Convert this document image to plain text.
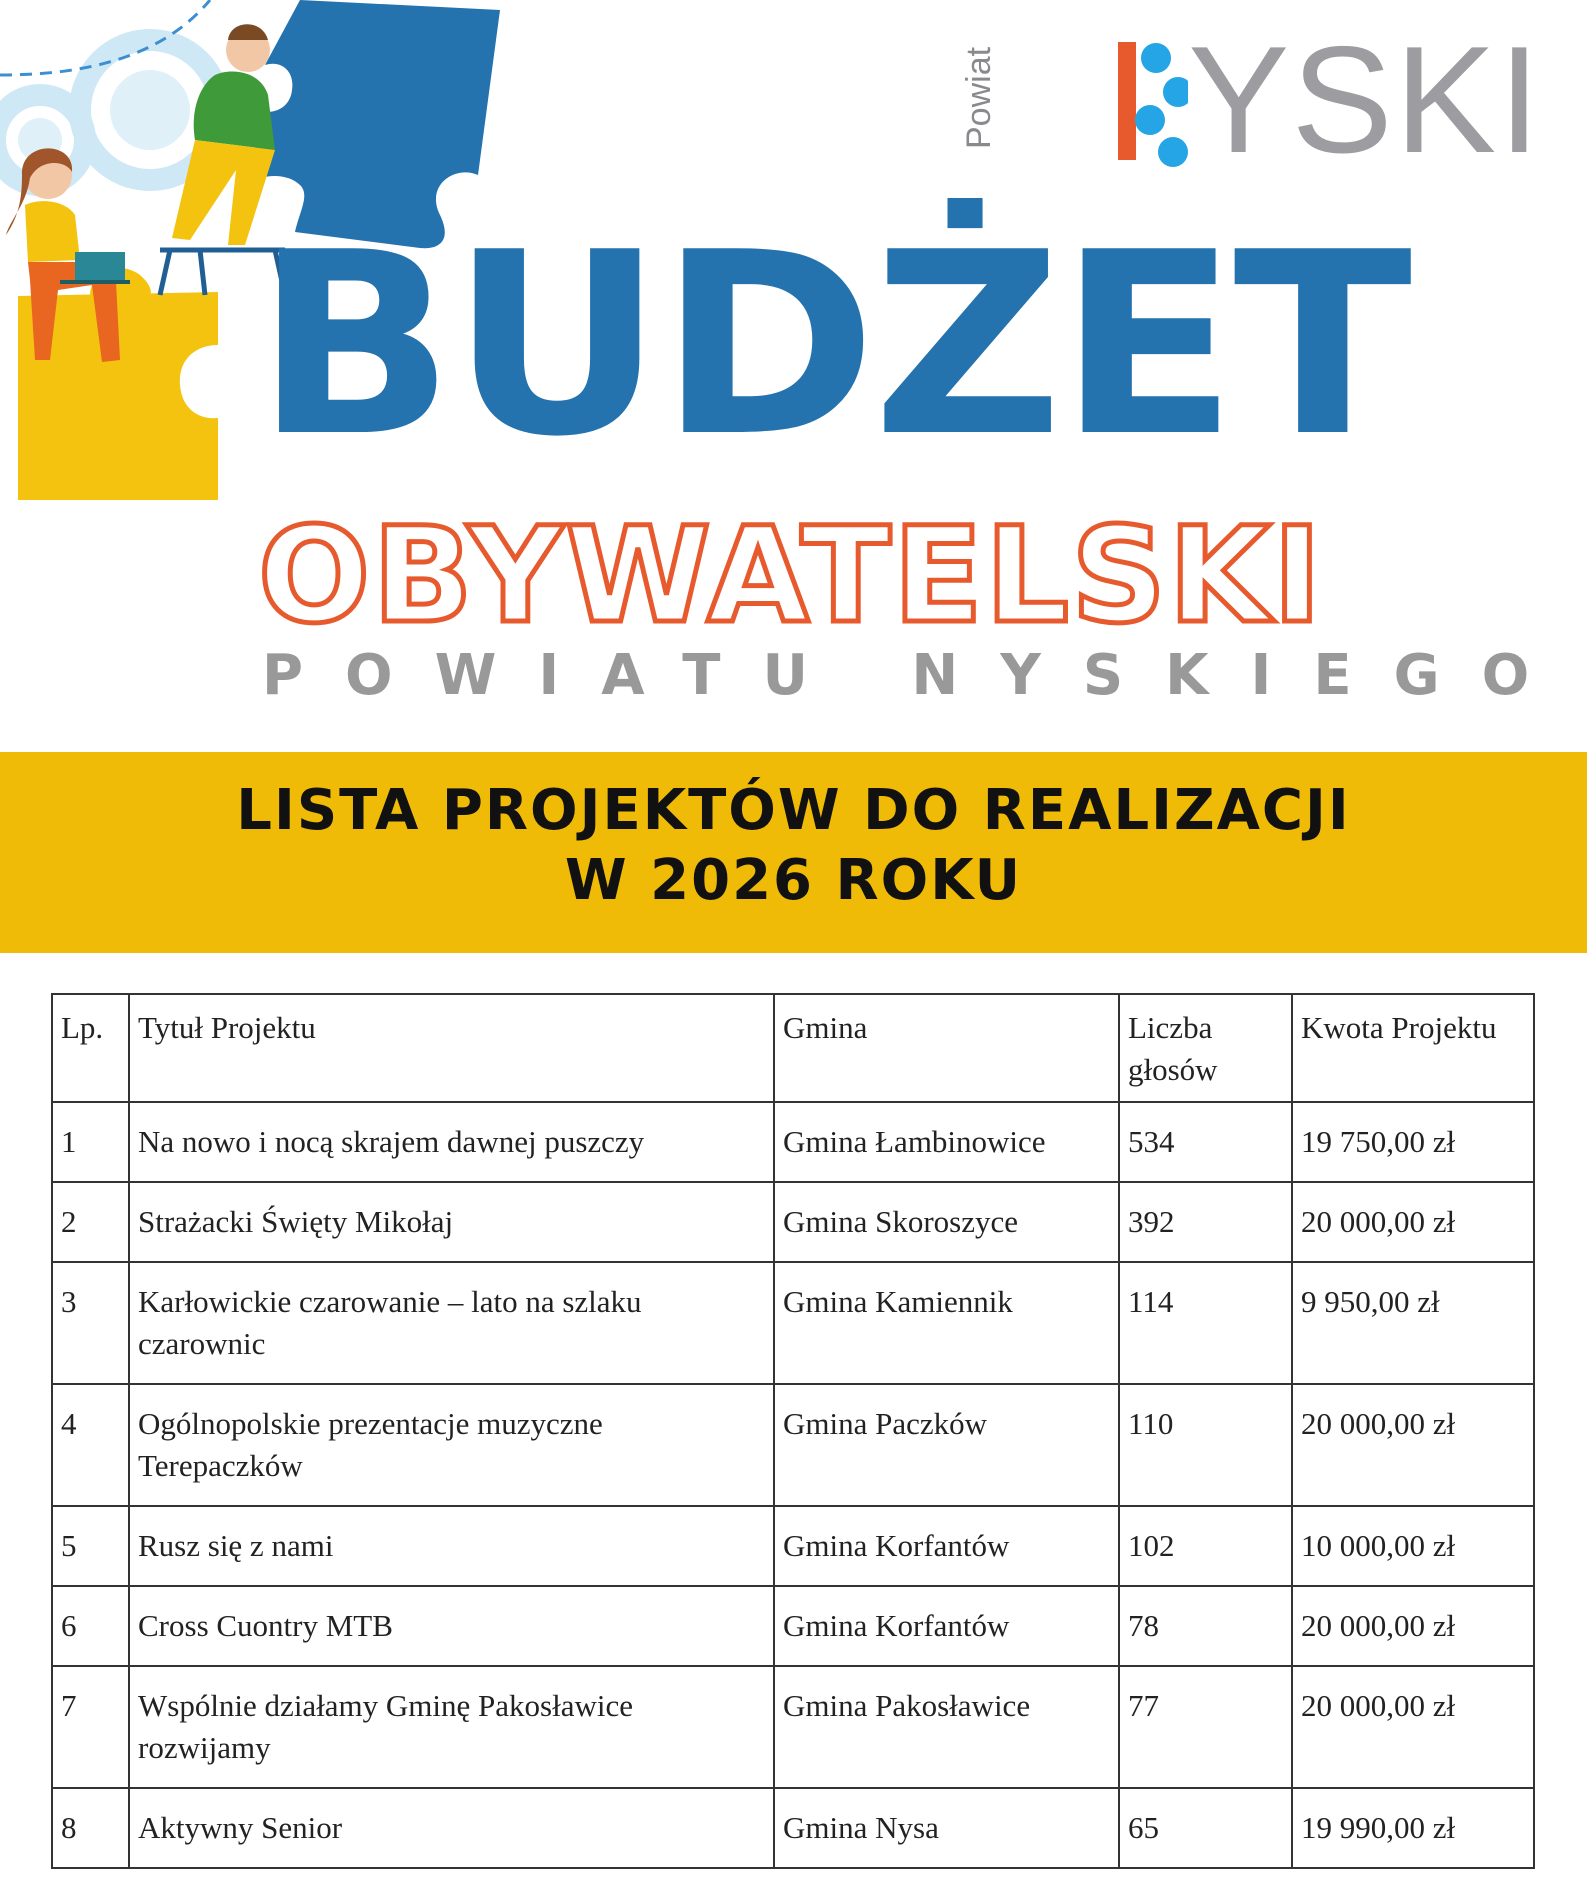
Powiat YSKI
BUDŻET
OBYWATELSKI
POWIATU NYSKIEGO
LISTA PROJEKTÓW DO REALIZACJI
W 2026 ROKU
Lp.	Tytuł Projektu	Gmina	Liczba głosów	Kwota Projektu
1	Na nowo i nocą skrajem dawnej puszczy	Gmina Łambinowice	534	19 750,00 zł
2	Strażacki Święty Mikołaj	Gmina Skoroszyce	392	20 000,00 zł
3	Karłowickie czarowanie – lato na szlaku czarownic	Gmina Kamiennik	114	9 950,00 zł
4	Ogólnopolskie prezentacje muzyczne Terepaczków	Gmina Paczków	110	20 000,00 zł
5	Rusz się z nami	Gmina Korfantów	102	10 000,00 zł
6	Cross Cuontry MTB	Gmina Korfantów	78	20 000,00 zł
7	Wspólnie działamy Gminę Pakosławice rozwijamy	Gmina Pakosławice	77	20 000,00 zł
8	Aktywny Senior	Gmina Nysa	65	19 990,00 zł
